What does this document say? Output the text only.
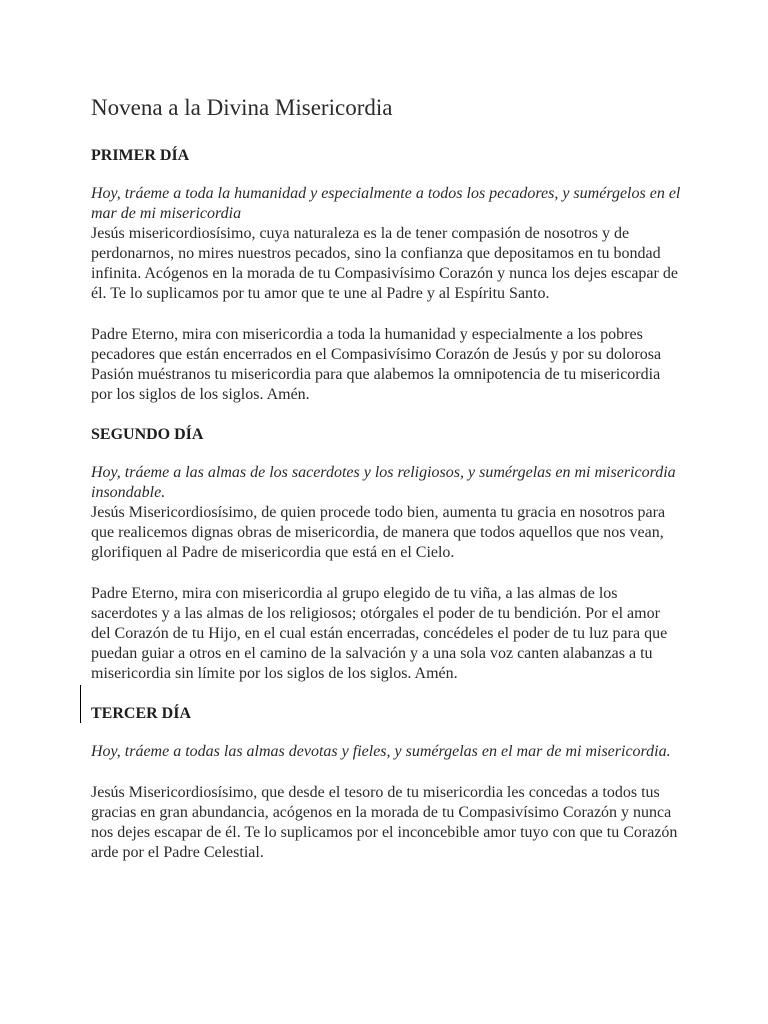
Novena a la Divina Misericordia
PRIMER DÍA

Hoy, tráeme a toda la humanidad y especialmente a todos los pecadores, y sumérgelos en el mar de mi misericordia

Jesús misericordiosísimo, cuya naturaleza es la de tener compasión de nosotros y de perdonarnos, no mires nuestros pecados, sino la confianza que depositamos en tu bondad infinita. Acógenos en la morada de tu Compasivísimo Corazón y nunca los dejes escapar de él. Te lo suplicamos por tu amor que te une al Padre y al Espíritu Santo.

Padre Eterno, mira con misericordia a toda la humanidad y especialmente a los pobres pecadores que están encerrados en el Compasivísimo Corazón de Jesús y por su dolorosa Pasión muéstranos tu misericordia para que alabemos la omnipotencia de tu misericordia por los siglos de los siglos. Amén.

SEGUNDO DÍA

Hoy, tráeme a las almas de los sacerdotes y los religiosos, y sumérgelas en mi misericordia insondable.

Jesús Misericordiosísimo, de quien procede todo bien, aumenta tu gracia en nosotros para que realicemos dignas obras de misericordia, de manera que todos aquellos que nos vean, glorifiquen al Padre de misericordia que está en el Cielo.

Padre Eterno, mira con misericordia al grupo elegido de tu viña, a las almas de los sacerdotes y a las almas de los religiosos; otórgales el poder de tu bendición. Por el amor del Corazón de tu Hijo, en el cual están encerradas, concédeles el poder de tu luz para que puedan guiar a otros en el camino de la salvación y a una sola voz canten alabanzas a tu misericordia sin límite por los siglos de los siglos. Amén.

TERCER DÍA

Hoy, tráeme a todas las almas devotas y fieles, y sumérgelas en el mar de mi misericordia.

Jesús Misericordiosísimo, que desde el tesoro de tu misericordia les concedas a todos tus gracias en gran abundancia, acógenos en la morada de tu Compasivísimo Corazón y nunca nos dejes escapar de él. Te lo suplicamos por el inconcebible amor tuyo con que tu Corazón arde por el Padre Celestial.
